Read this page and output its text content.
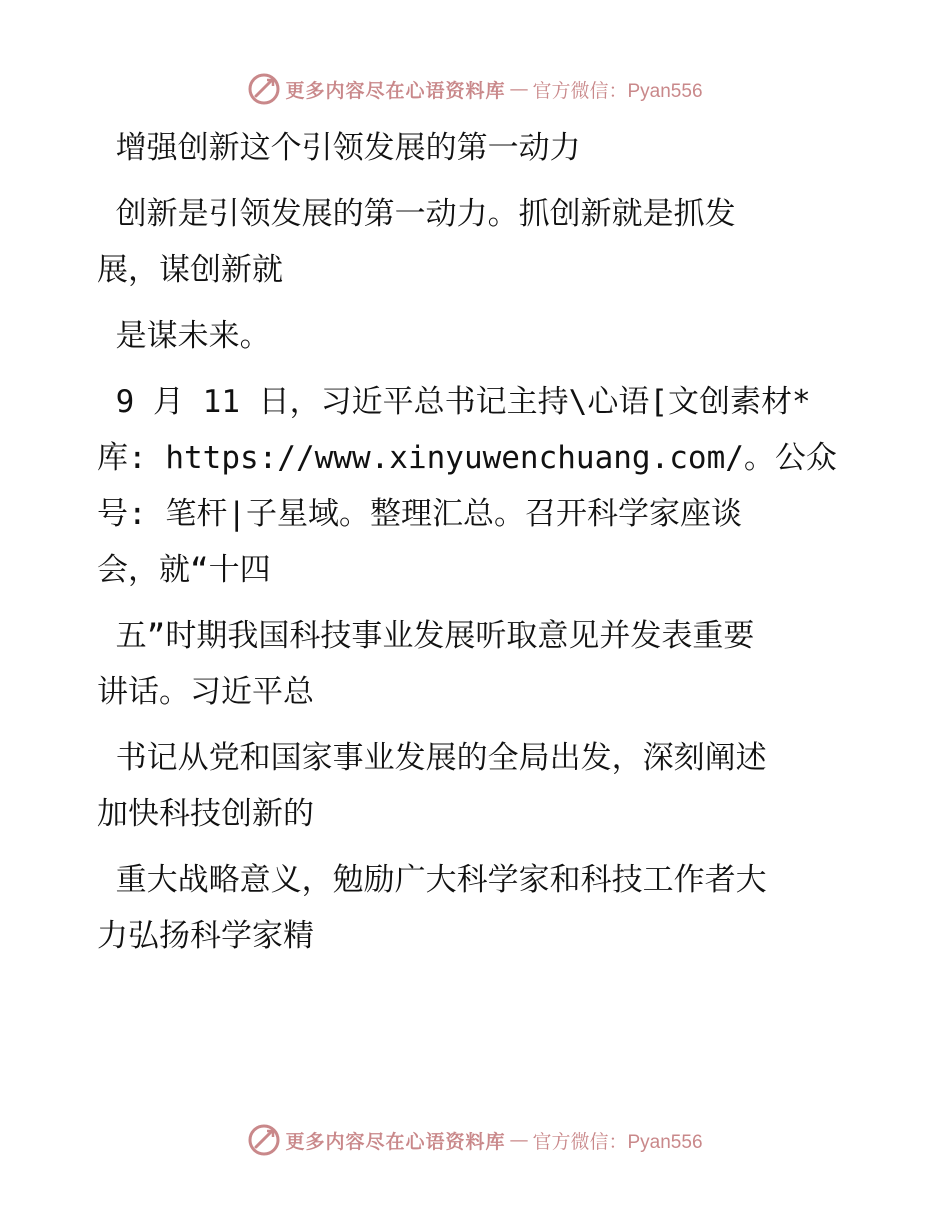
更多内容尽在心语资料库 — 官方微信：Pyan556

增强创新这个引领发展的第一动力

创新是引领发展的第一动力。抓创新就是抓发

展，谋创新就

是谋未来。

9 月 11 日，习近平总书记主持\心语[文创素材*

库: https://www.xinyuwenchuang.com/。公众

号: 笔杆|子星域。整理汇总。召开科学家座谈

会，就“十四

五”时期我国科技事业发展听取意见并发表重要

讲话。习近平总

书记从党和国家事业发展的全局出发，深刻阐述

加快科技创新的

重大战略意义，勉励广大科学家和科技工作者大

力弘扬科学家精

更多内容尽在心语资料库 — 官方微信：Pyan556
